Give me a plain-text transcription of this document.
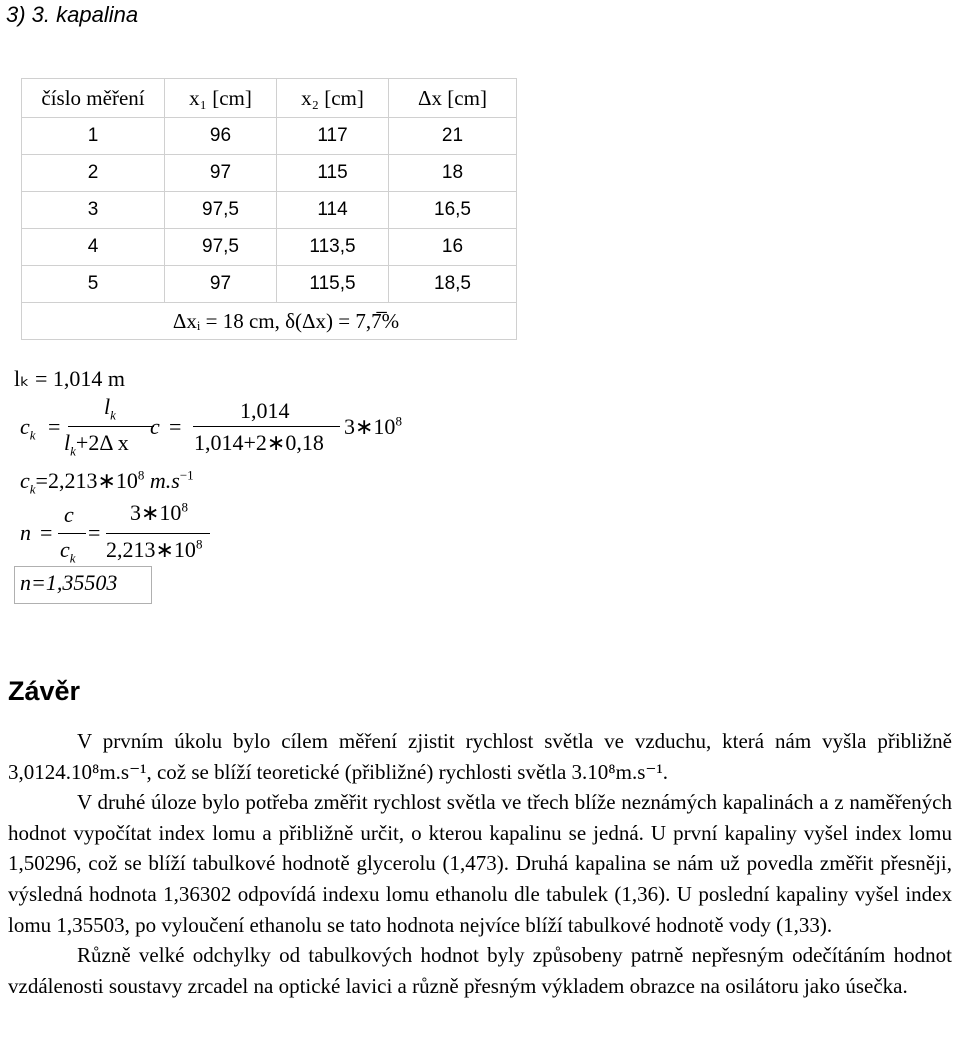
3) 3. kapalina
číslo měření	x₁ [cm]	x₂ [cm]	Δx [cm]
1	96	117	21
2	97	115	18
3	97,5	114	16,5
4	97,5	113,5	16
5	97	115,5	18,5
Δxᵢ = 18 cm, δ(Δx) = 7,7̅%			
lₖ = 1,014 m
$c_k$ =
$l_k$
$l_k+2\Delta$ x
c =
1,014
1,014+2∗0,18
$3∗10^8$
$c_k=2,213∗10^8$ $m.s^{-1}$
n =
c
$c_k$
=
$3∗10^8$
$2,213∗10^8$
n=1,35503
Závěr

V prvním úkolu bylo cílem měření zjistit rychlost světla ve vzduchu, která nám vyšla přibližně 3,0124.10⁸m.s⁻¹, což se blíží teoretické (přibližné) rychlosti světla 3.10⁸m.s⁻¹.

V druhé úloze bylo potřeba změřit rychlost světla ve třech blíže neznámých kapalinách a z naměřených hodnot vypočítat index lomu a přibližně určit, o kterou kapalinu se jedná. U první kapaliny vyšel index lomu 1,50296, což se blíží tabulkové hodnotě glycerolu (1,473). Druhá kapalina se nám už povedla změřit přesněji, výsledná hodnota 1,36302 odpovídá indexu lomu ethanolu dle tabulek (1,36). U poslední kapaliny vyšel index lomu 1,35503, po vyloučení ethanolu se tato hodnota nejvíce blíží tabulkové hodnotě vody (1,33).

Různě velké odchylky od tabulkových hodnot byly způsobeny patrně nepřesným odečítáním hodnot vzdálenosti soustavy zrcadel na optické lavici a různě přesným výkladem obrazce na osilátoru jako úsečka.
